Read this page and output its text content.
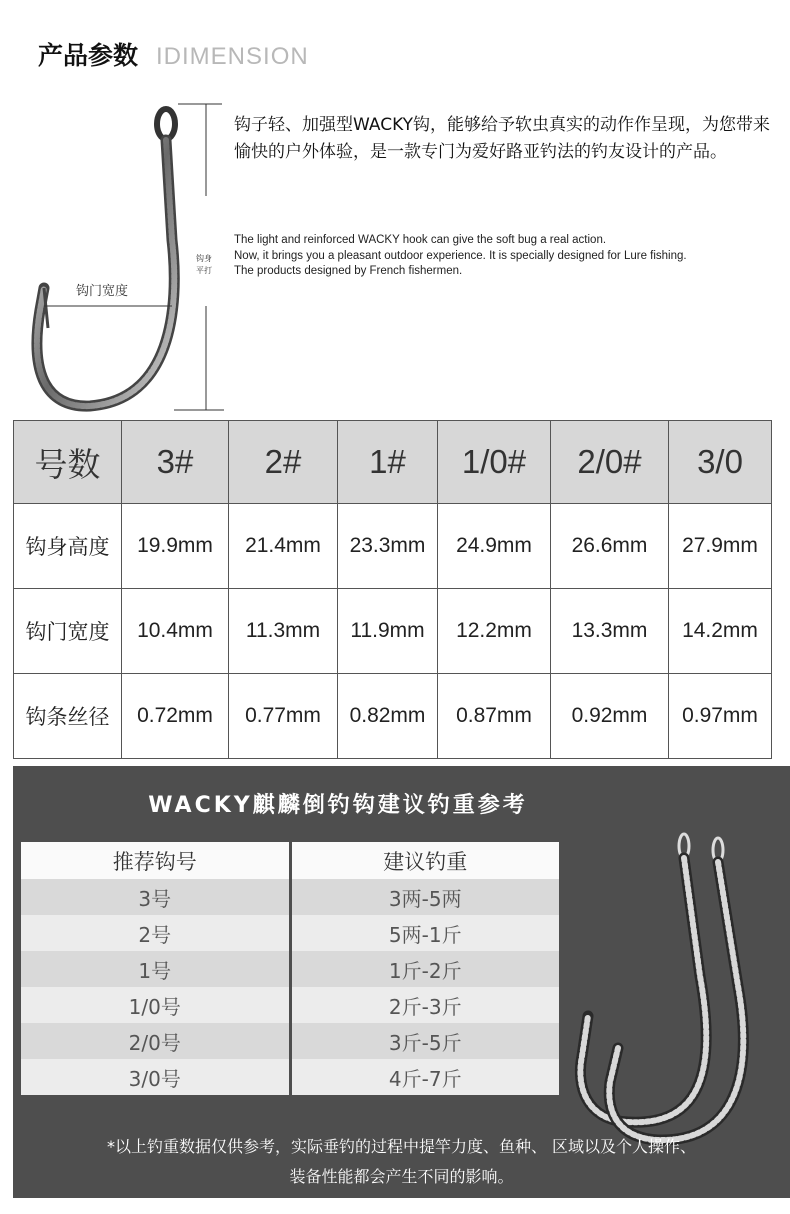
产品参数 IDIMENSION
钩门宽度
钩身平打
钩子轻、加强型WACKY钩，能够给予软虫真实的动作作呈现，为您带来愉快的户外体验，是一款专门为爱好路亚钓法的钓友设计的产品。
The light and reinforced WACKY hook can give the soft bug a real action.
Now, it brings you a pleasant outdoor experience. It is specially designed for Lure fishing.
The products designed by French fishermen.
号数	3#	2#	1#	1/0#	2/0#	3/0
钩身高度	19.9mm	21.4mm	23.3mm	24.9mm	26.6mm	27.9mm
钩门宽度	10.4mm	11.3mm	11.9mm	12.2mm	13.3mm	14.2mm
钩条丝径	0.72mm	0.77mm	0.82mm	0.87mm	0.92mm	0.97mm
WACKY麒麟倒钓钩建议钓重参考
推荐钩号	建议钓重
3号	3两-5两
2号	5两-1斤
1号	1斤-2斤
1/0号	2斤-3斤
2/0号	3斤-5斤
3/0号	4斤-7斤
*以上钓重数据仅供参考，实际垂钓的过程中提竿力度、鱼种、 区域以及个人操作、
装备性能都会产生不同的影响。
